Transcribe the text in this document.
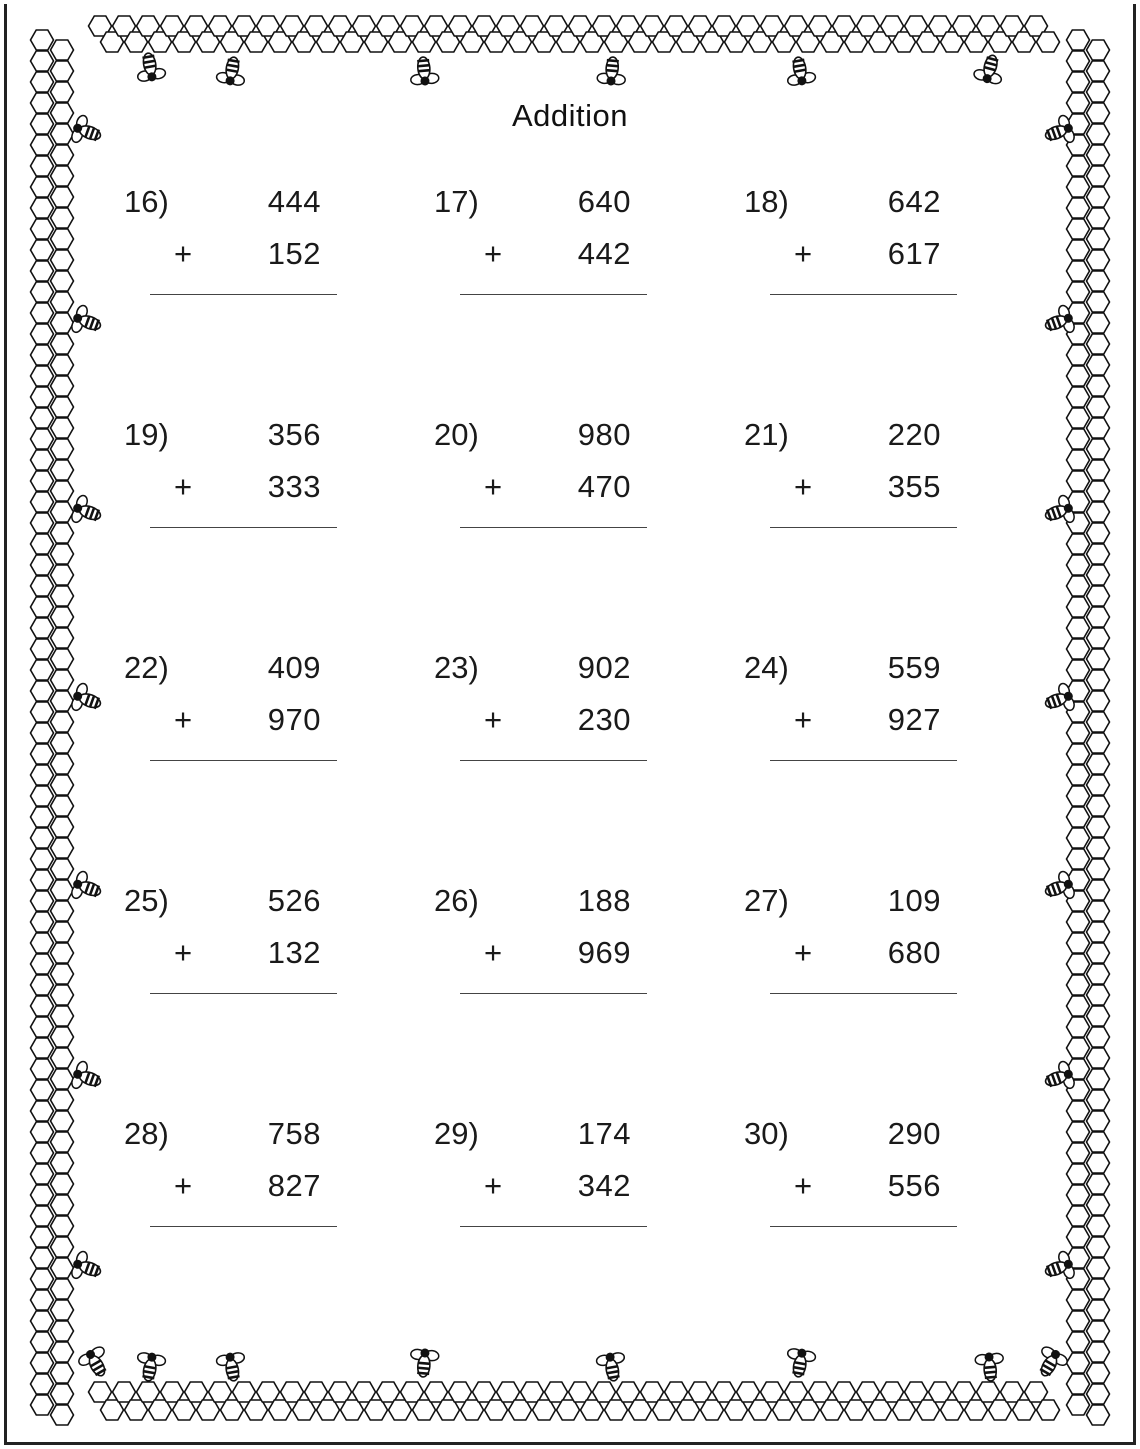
Addition
16)	444
+ 152
17)	640
+ 442
18)	642
+ 617
19)	356
+ 333
20)	980
+ 470
21)	220
+ 355
22)	409
+ 970
23)	902
+ 230
24)	559
+ 927
25)	526
+ 132
26)	188
+ 969
27)	109
+ 680
28)	758
+ 827
29)	174
+ 342
30)	290
+ 556
